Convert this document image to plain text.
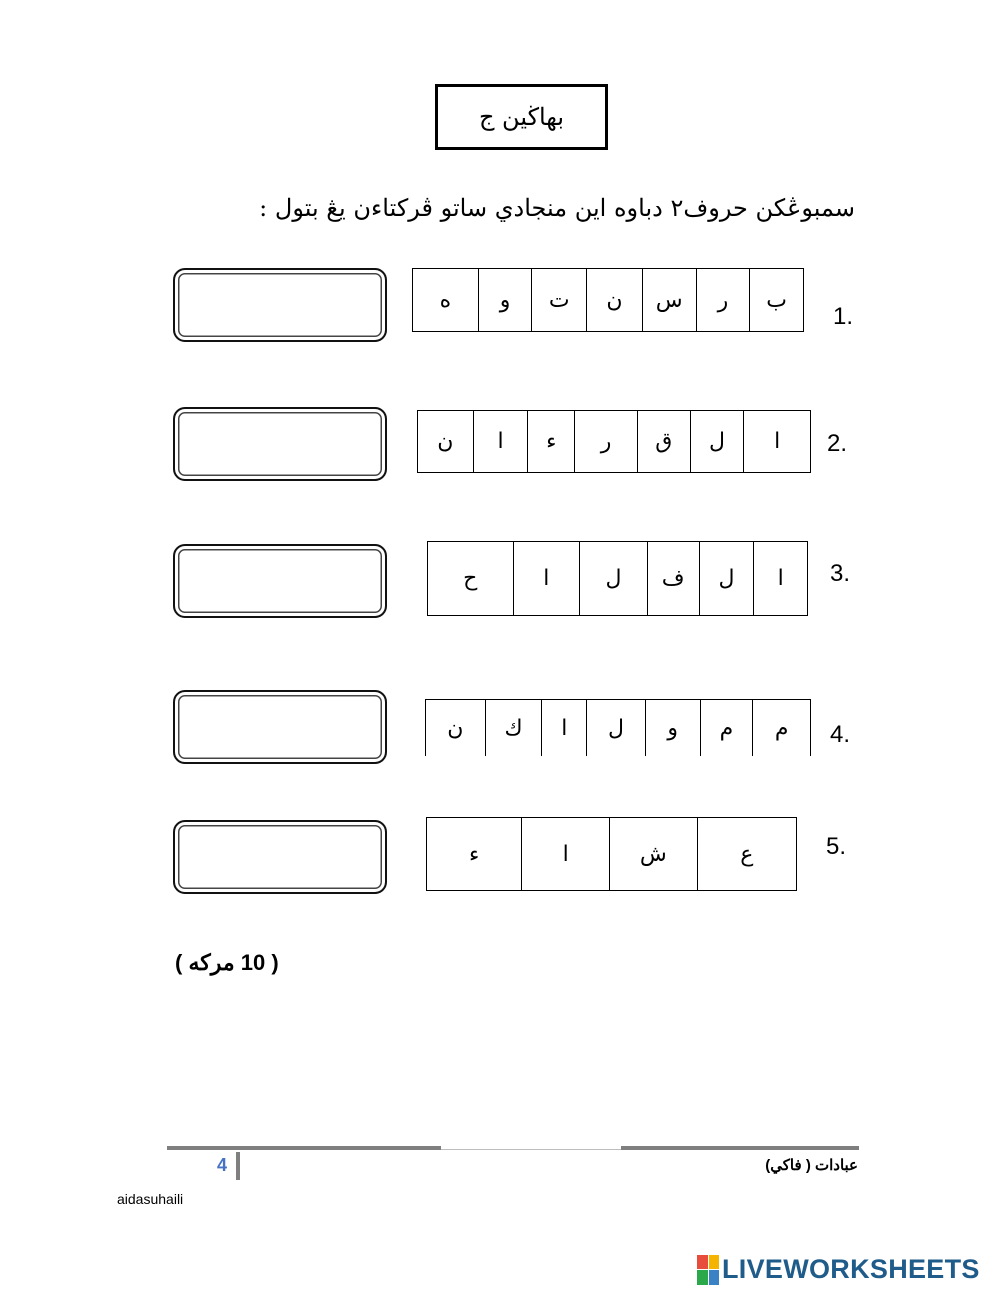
بهاڬين ج
سمبوڠكن حروف٢ دباوه اين منجادي ساتو ڤركتاءن يڠ بتول :
ب
ر
س
ن
ت
و
ه
1.
ا
ل
ق
ر
ء
ا
ن	2.
ا
ل
ف
ل
ا
ح	3.
م
م
و
ل
ا
ك
ن	4.
ع
ش
ا
ء	5.
( 10 مركه )
4	عبادات ( فاكي)
aidasuhaili
LIVEWORKSHEETS
